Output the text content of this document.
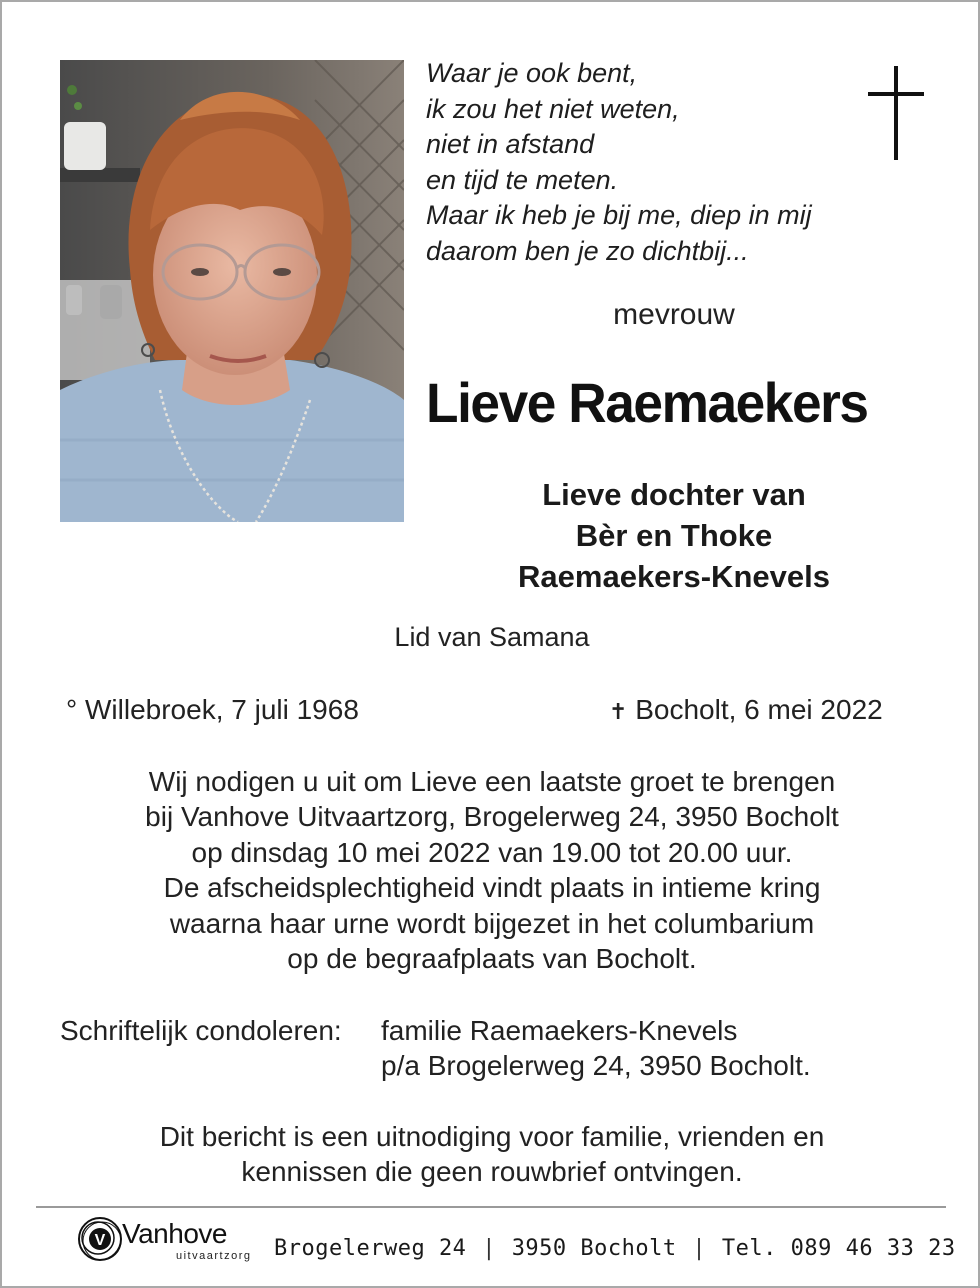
Waar je ook bent,
ik zou het niet weten,
niet in afstand
en tijd te meten.
Maar ik heb je bij me, diep in mij
daarom ben je zo dichtbij...
mevrouw
Lieve Raemaekers
Lieve dochter van
Bèr en Thoke
Raemaekers-Knevels
Lid van Samana
° Willebroek, 7 juli 1968	✝ Bocholt, 6 mei 2022
Wij nodigen u uit om Lieve een laatste groet te brengen
bij Vanhove Uitvaartzorg, Brogelerweg 24, 3950 Bocholt
op dinsdag 10 mei 2022 van 19.00 tot 20.00 uur.
De afscheidsplechtigheid vindt plaats in intieme kring
waarna haar urne wordt bijgezet in het columbarium
op de begraafplaats van Bocholt.
Schriftelijk condoleren: familie Raemaekers-Knevels
p/a Brogelerweg 24, 3950 Bocholt.
Dit bericht is een uitnodiging voor familie, vrienden en
kennissen die geen rouwbrief ontvingen.
V Vanhove
uitvaartzorg Brogelerweg 24 | 3950 Bocholt | Tel. 089 46 33 23
